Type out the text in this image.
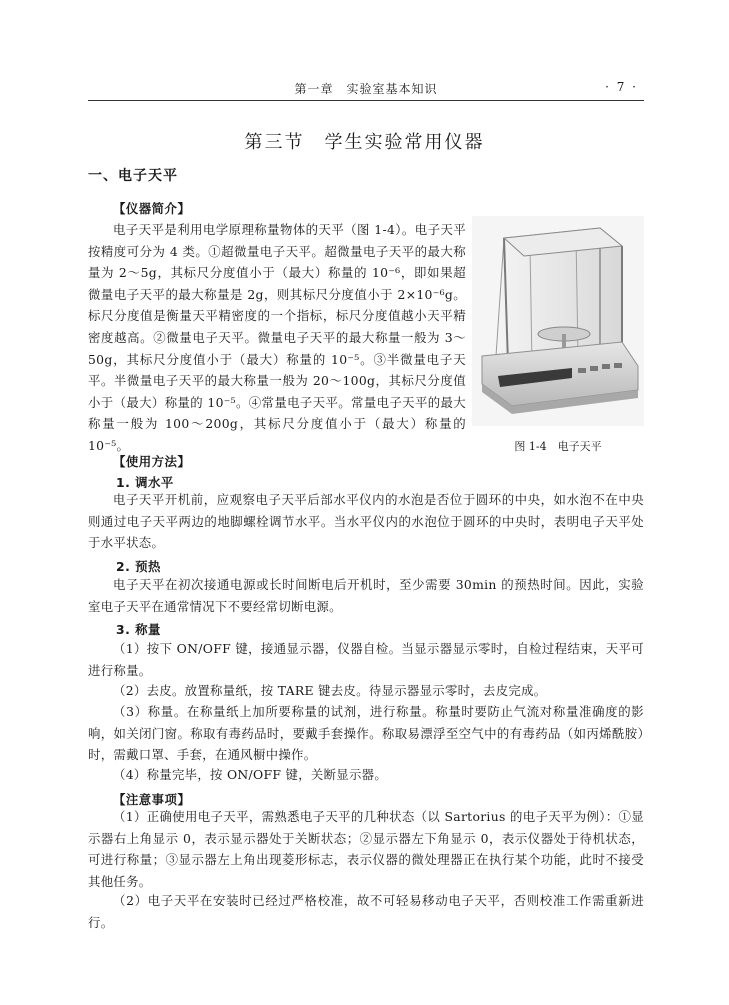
第一章　实验室基本知识	· 7 ·
第三节　学生实验常用仪器
一、电子天平
【仪器简介】
电子天平是利用电学原理称量物体的天平（图 1-4）。电子天平按精度可分为 4 类。①超微量电子天平。超微量电子天平的最大称量为 2～5g，其标尺分度值小于（最大）称量的 10⁻⁶，即如果超微量电子天平的最大称量是 2g，则其标尺分度值小于 2×10⁻⁶g。标尺分度值是衡量天平精密度的一个指标，标尺分度值越小天平精密度越高。②微量电子天平。微量电子天平的最大称量一般为 3～50g，其标尺分度值小于（最大）称量的 10⁻⁵。③半微量电子天平。半微量电子天平的最大称量一般为 20～100g，其标尺分度值小于（最大）称量的 10⁻⁵。④常量电子天平。常量电子天平的最大称量一般为 100～200g，其标尺分度值小于（最大）称量的 10⁻⁵。	图 1-4　电子天平
【使用方法】
1. 调水平
电子天平开机前，应观察电子天平后部水平仪内的水泡是否位于圆环的中央，如水泡不在中央则通过电子天平两边的地脚螺栓调节水平。当水平仪内的水泡位于圆环的中央时，表明电子天平处于水平状态。
2. 预热
电子天平在初次接通电源或长时间断电后开机时，至少需要 30min 的预热时间。因此，实验室电子天平在通常情况下不要经常切断电源。
3. 称量
（1）按下 ON/OFF 键，接通显示器，仪器自检。当显示器显示零时，自检过程结束，天平可进行称量。
（2）去皮。放置称量纸，按 TARE 键去皮。待显示器显示零时，去皮完成。
（3）称量。在称量纸上加所要称量的试剂，进行称量。称量时要防止气流对称量准确度的影响，如关闭门窗。称取有毒药品时，要戴手套操作。称取易漂浮至空气中的有毒药品（如丙烯酰胺）时，需戴口罩、手套，在通风橱中操作。
（4）称量完毕，按 ON/OFF 键，关断显示器。
【注意事项】
（1）正确使用电子天平，需熟悉电子天平的几种状态（以 Sartorius 的电子天平为例）：①显示器右上角显示 0，表示显示器处于关断状态；②显示器左下角显示 0，表示仪器处于待机状态，可进行称量；③显示器左上角出现菱形标志，表示仪器的微处理器正在执行某个功能，此时不接受其他任务。
（2）电子天平在安装时已经过严格校准，故不可轻易移动电子天平，否则校准工作需重新进行。
